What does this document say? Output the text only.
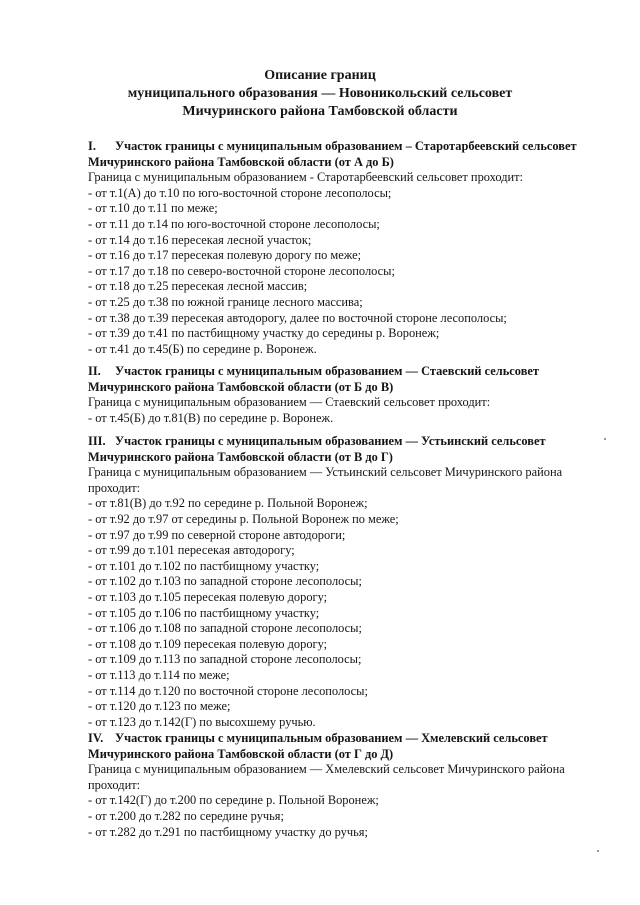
Описание границ
муниципального образования — Новоникольский сельсовет
Мичуринского района Тамбовской области
I. Участок границы с муниципальным образованием – Старотарбеевский сельсовет
Мичуринского района Тамбовской области (от А до Б)
Граница с муниципальным образованием - Старотарбеевский сельсовет проходит:
- от т.1(А) до т.10 по юго-восточной стороне лесополосы;
- от т.10 до т.11 по меже;
- от т.11 до т.14 по юго-восточной стороне лесополосы;
- от т.14 до т.16 пересекая лесной участок;
- от т.16 до т.17 пересекая полевую дорогу по меже;
- от т.17 до т.18 по северо-восточной стороне лесополосы;
- от т.18 до т.25 пересекая лесной массив;
- от т.25 до т.38 по южной границе лесного массива;
- от т.38 до т.39 пересекая автодорогу, далее по восточной стороне лесополосы;
- от т.39 до т.41 по пастбищному участку до середины р. Воронеж;
- от т.41 до т.45(Б) по середине р. Воронеж.
II. Участок границы с муниципальным образованием — Стаевский сельсовет
Мичуринского района Тамбовской области (от Б до В)
Граница с муниципальным образованием –– Стаевский сельсовет проходит:
- от т.45(Б) до т.81(В) по середине р. Воронеж.
III. Участок границы с муниципальным образованием — Устьинский сельсовет
Мичуринского района Тамбовской области (от В до Г)
Граница с муниципальным образованием — Устьинский сельсовет Мичуринского района
проходит:
- от т.81(В) до т.92 по середине р. Польной Воронеж;
- от т.92 до т.97 от середины р. Польной Воронеж по меже;
- от т.97 до т.99 по северной стороне автодороги;
- от т.99 до т.101 пересекая автодорогу;
- от т.101 до т.102 по пастбищному участку;
- от т.102 до т.103 по западной стороне лесополосы;
- от т.103 до т.105 пересекая полевую дорогу;
- от т.105 до т.106 по пастбищному участку;
- от т.106 до т.108 по западной стороне лесополосы;
- от т.108 до т.109 пересекая полевую дорогу;
- от т.109 до т.113 по западной стороне лесополосы;
- от т.113 до т.114 по меже;
- от т.114 до т.120 по восточной стороне лесополосы;
- от т.120 до т.123 по меже;
- от т.123 до т.142(Г) по высохшему ручью.
IV. Участок границы с муниципальным образованием — Хмелевский сельсовет
Мичуринского района Тамбовской области (от Г до Д)
Граница с муниципальным образованием –– Хмелевский сельсовет Мичуринского района
проходит:
- от т.142(Г) до т.200 по середине р. Польной Воронеж;
- от т.200 до т.282 по середине ручья;
- от т.282 до т.291 по пастбищному участку до ручья;
